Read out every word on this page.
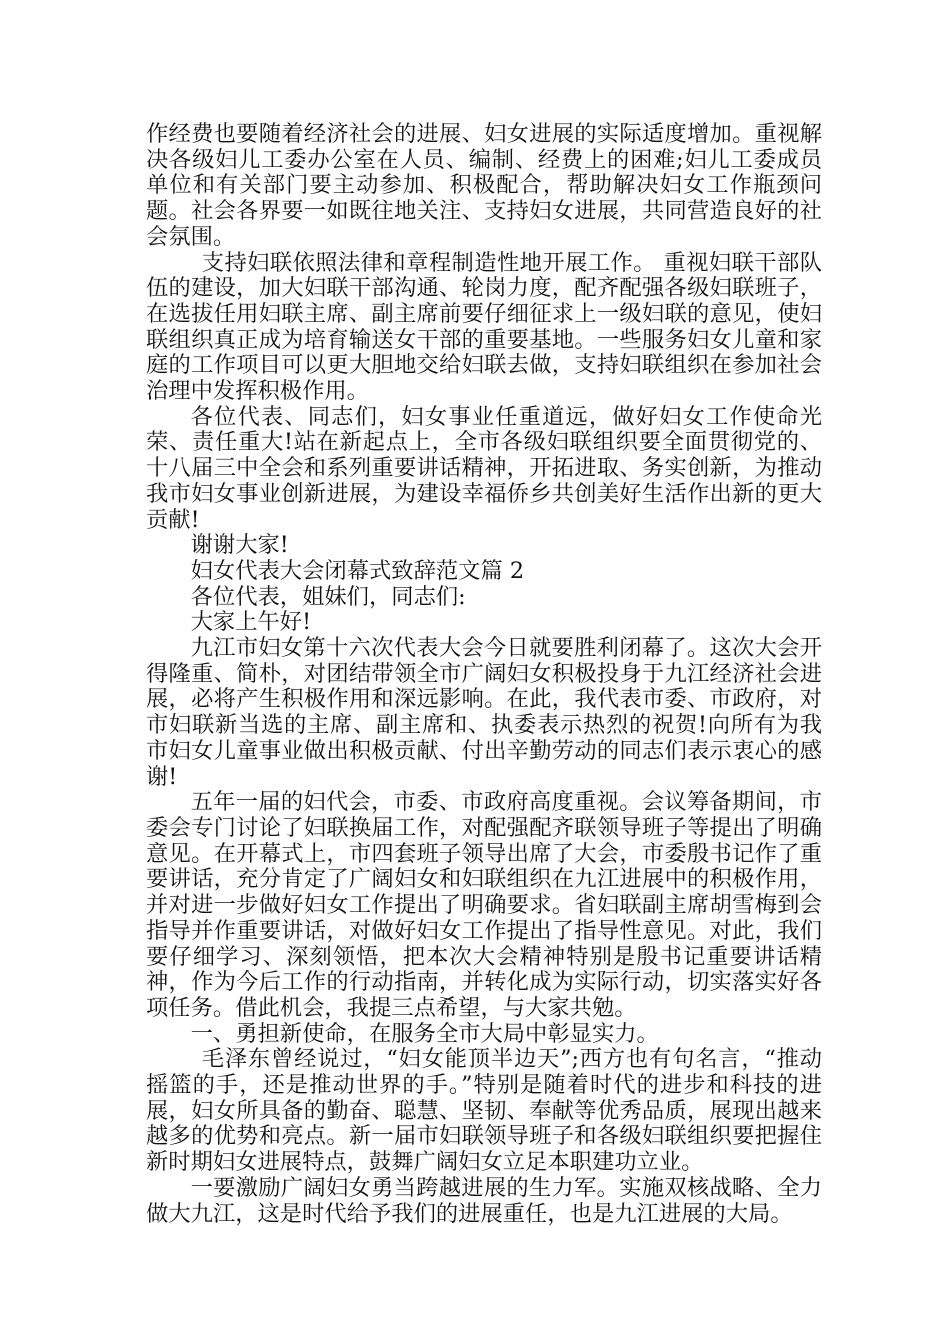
作经费也要随着经济社会的进展、妇女进展的实际适度增加。重视解决各级妇儿工委办公室在人员、编制、经费上的困难;妇儿工委成员单位和有关部门要主动参加、积极配合，帮助解决妇女工作瓶颈问题。社会各界要一如既往地关注、支持妇女进展，共同营造良好的社会氛围。

支持妇联依照法律和章程制造性地开展工作。 重视妇联干部队伍的建设，加大妇联干部沟通、轮岗力度，配齐配强各级妇联班子，在选拔任用妇联主席、副主席前要仔细征求上一级妇联的意见，使妇联组织真正成为培育输送女干部的重要基地。一些服务妇女儿童和家庭的工作项目可以更大胆地交给妇联去做，支持妇联组织在参加社会治理中发挥积极作用。

各位代表、同志们，妇女事业任重道远，做好妇女工作使命光荣、责任重大!站在新起点上，全市各级妇联组织要全面贯彻党的、十八届三中全会和系列重要讲话精神，开拓进取、务实创新，为推动我市妇女事业创新进展，为建设幸福侨乡共创美好生活作出新的更大贡献!

谢谢大家!

妇女代表大会闭幕式致辞范文篇 2

各位代表，姐妹们，同志们:

大家上午好!

九江市妇女第十六次代表大会今日就要胜利闭幕了。这次大会开得隆重、简朴，对团结带领全市广阔妇女积极投身于九江经济社会进展，必将产生积极作用和深远影响。在此，我代表市委、市政府，对市妇联新当选的主席、副主席和、执委表示热烈的祝贺!向所有为我市妇女儿童事业做出积极贡献、付出辛勤劳动的同志们表示衷心的感谢!

五年一届的妇代会，市委、市政府高度重视。会议筹备期间，市委会专门讨论了妇联换届工作，对配强配齐联领导班子等提出了明确意见。在开幕式上，市四套班子领导出席了大会，市委殷书记作了重要讲话，充分肯定了广阔妇女和妇联组织在九江进展中的积极作用，并对进一步做好妇女工作提出了明确要求。省妇联副主席胡雪梅到会指导并作重要讲话，对做好妇女工作提出了指导性意见。对此，我们要仔细学习、深刻领悟，把本次大会精神特别是殷书记重要讲话精神，作为今后工作的行动指南，并转化成为实际行动，切实落实好各项任务。借此机会，我提三点希望，与大家共勉。

一、勇担新使命，在服务全市大局中彰显实力。

毛泽东曾经说过，“妇女能顶半边天”;西方也有句名言，“推动摇篮的手，还是推动世界的手。”特别是随着时代的进步和科技的进展，妇女所具备的勤奋、聪慧、坚韧、奉献等优秀品质，展现出越来越多的优势和亮点。新一届市妇联领导班子和各级妇联组织要把握住新时期妇女进展特点，鼓舞广阔妇女立足本职建功立业。

一要激励广阔妇女勇当跨越进展的生力军。实施双核战略、全力做大九江，这是时代给予我们的进展重任，也是九江进展的大局。
